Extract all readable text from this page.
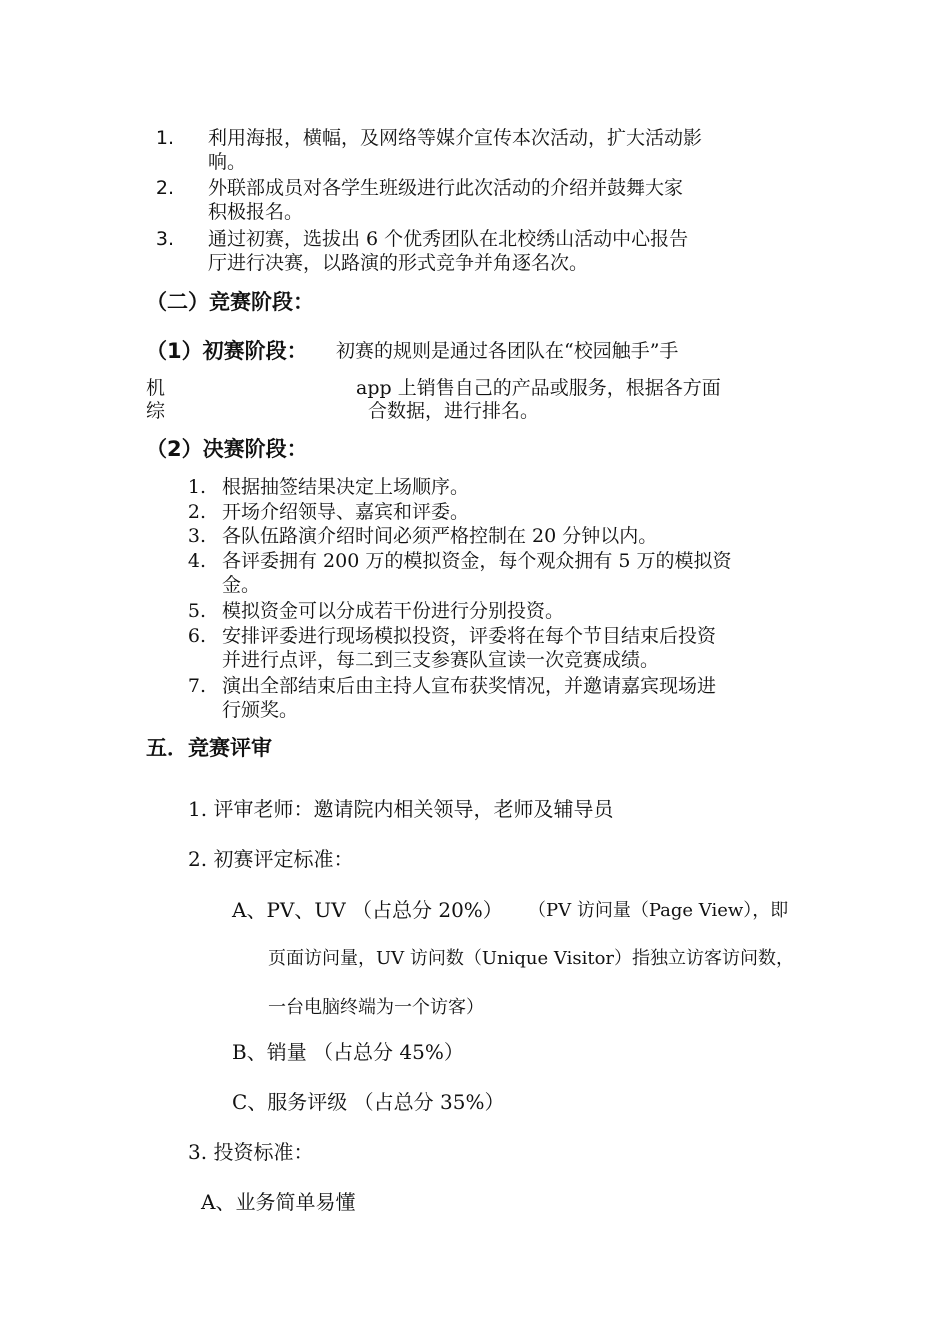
1. 利用海报，横幅，及网络等媒介宣传本次活动，扩大活动影
响。
2. 外联部成员对各学生班级进行此次活动的介绍并鼓舞大家
积极报名。
3. 通过初赛，选拔出 6 个优秀团队在北校绣山活动中心报告
厅进行决赛，以路演的形式竞争并角逐名次。
（二）竞赛阶段：
（1）初赛阶段： 初赛的规则是通过各团队在“校园触手”手
机	app 上销售自己的产品或服务，根据各方面
综	合数据，进行排名。
（2）决赛阶段：
1. 根据抽签结果决定上场顺序。
2. 开场介绍领导、嘉宾和评委。
3. 各队伍路演介绍时间必须严格控制在 20 分钟以内。
4. 各评委拥有 200 万的模拟资金，每个观众拥有 5 万的模拟资
金。
5. 模拟资金可以分成若干份进行分别投资。
6. 安排评委进行现场模拟投资，评委将在每个节目结束后投资
并进行点评，每二到三支参赛队宣读一次竞赛成绩。
7. 演出全部结束后由主持人宣布获奖情况，并邀请嘉宾现场进
行颁奖。
五．竞赛评审
1. 评审老师：邀请院内相关领导，老师及辅导员
2. 初赛评定标准：
A、PV、UV （占总分 20%） （PV 访问量（Page View），即
页面访问量，UV 访问数（Unique Visitor）指独立访客访问数，
一台电脑终端为一个访客）
B、销量 （占总分 45%）
C、服务评级 （占总分 35%）
3. 投资标准：
A、业务简单易懂
